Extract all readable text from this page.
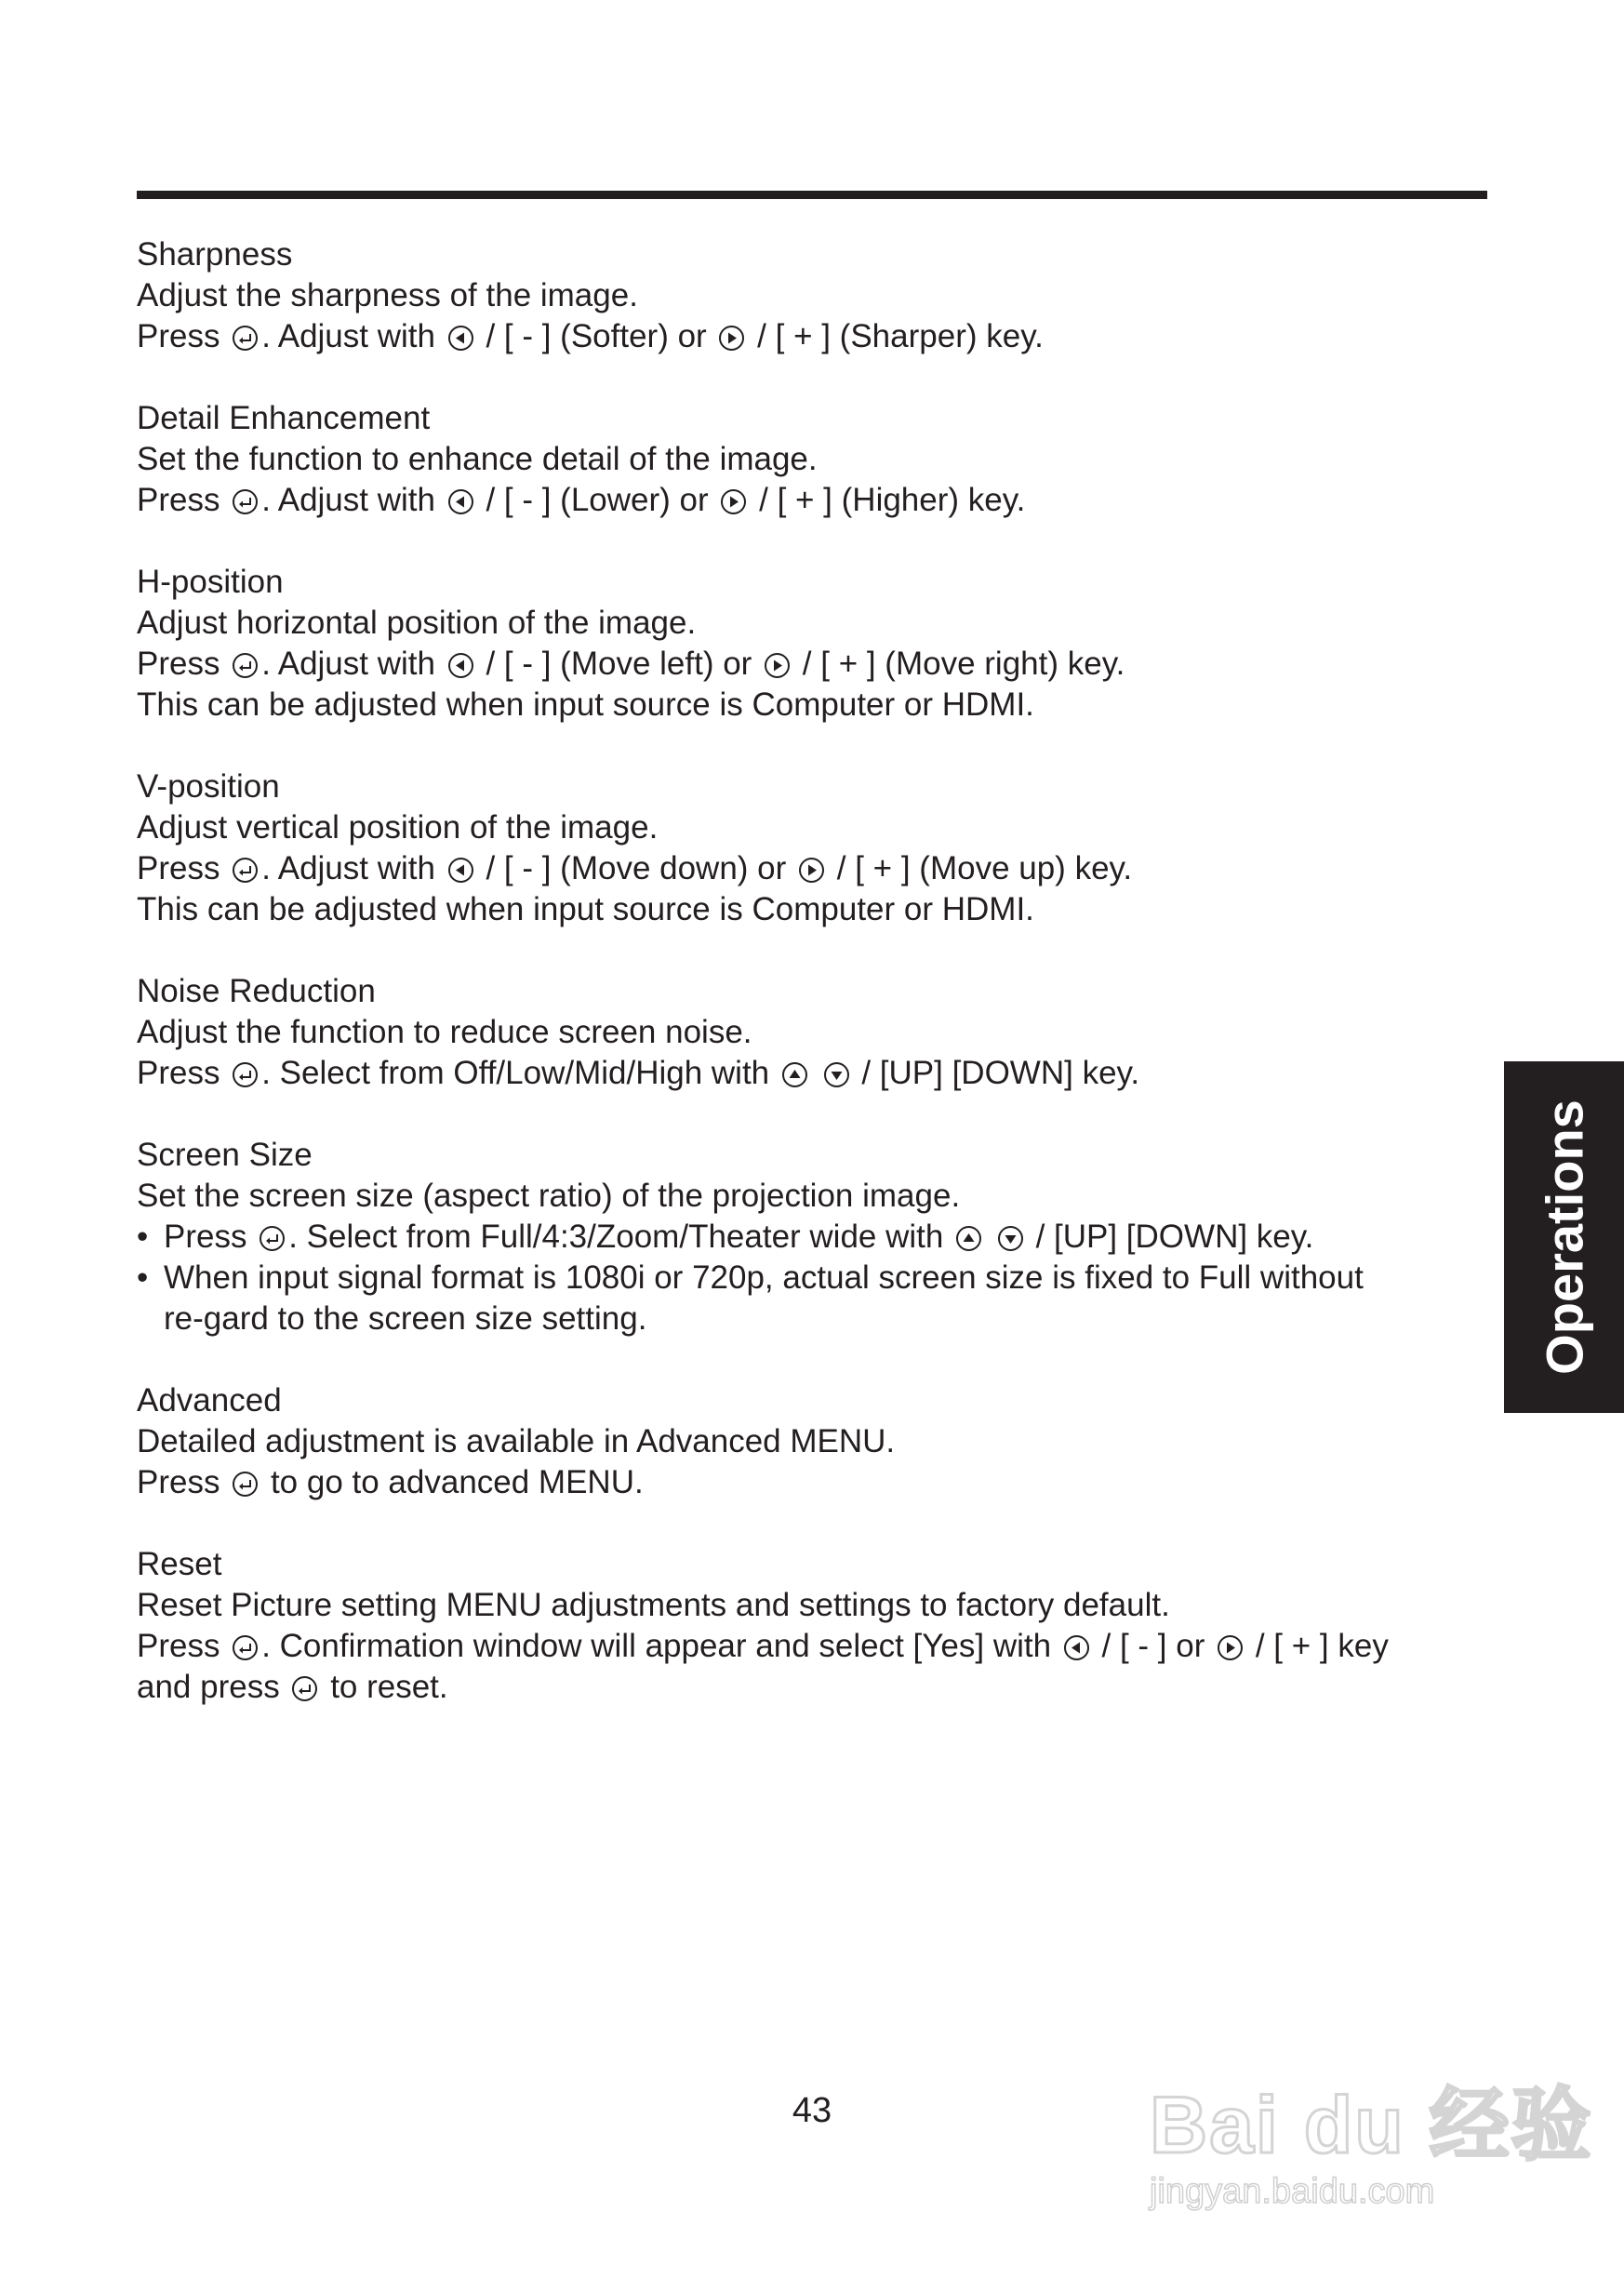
Sharpness
Adjust the sharpness of the image.
Press . Adjust with / [ - ] (Softer) or / [ + ] (Sharper) key.
Detail Enhancement
Set the function to enhance detail of the image.
Press . Adjust with / [ - ] (Lower) or / [ + ] (Higher) key.
H-position
Adjust horizontal position of the image.
Press . Adjust with / [ - ] (Move left) or / [ + ] (Move right) key.
This can be adjusted when input source is Computer or HDMI.
V-position
Adjust vertical position of the image.
Press . Adjust with / [ - ] (Move down) or / [ + ] (Move up) key.
This can be adjusted when input source is Computer or HDMI.
Noise Reduction
Adjust the function to reduce screen noise.
Press . Select from Off/Low/Mid/High with
	/ [UP] [DOWN] key.
Screen Size
Set the screen size (aspect ratio) of the projection image.
• Press . Select from Full/4:3/Zoom/Theater wide with
	/ [UP] [DOWN] key.
• When input signal format is 1080i or 720p, actual screen size is fixed to Full without re-gard to the screen size setting.
Advanced
Detailed adjustment is available in Advanced MENU.
Press to go to advanced MENU.
Reset
Reset Picture setting MENU adjustments and settings to factory default.
Press . Confirmation window will appear and select [Yes] with / [ - ] or / [ + ] key
and press to reset.
Operations
43	Bai du 经验
jingyan.baidu.com
